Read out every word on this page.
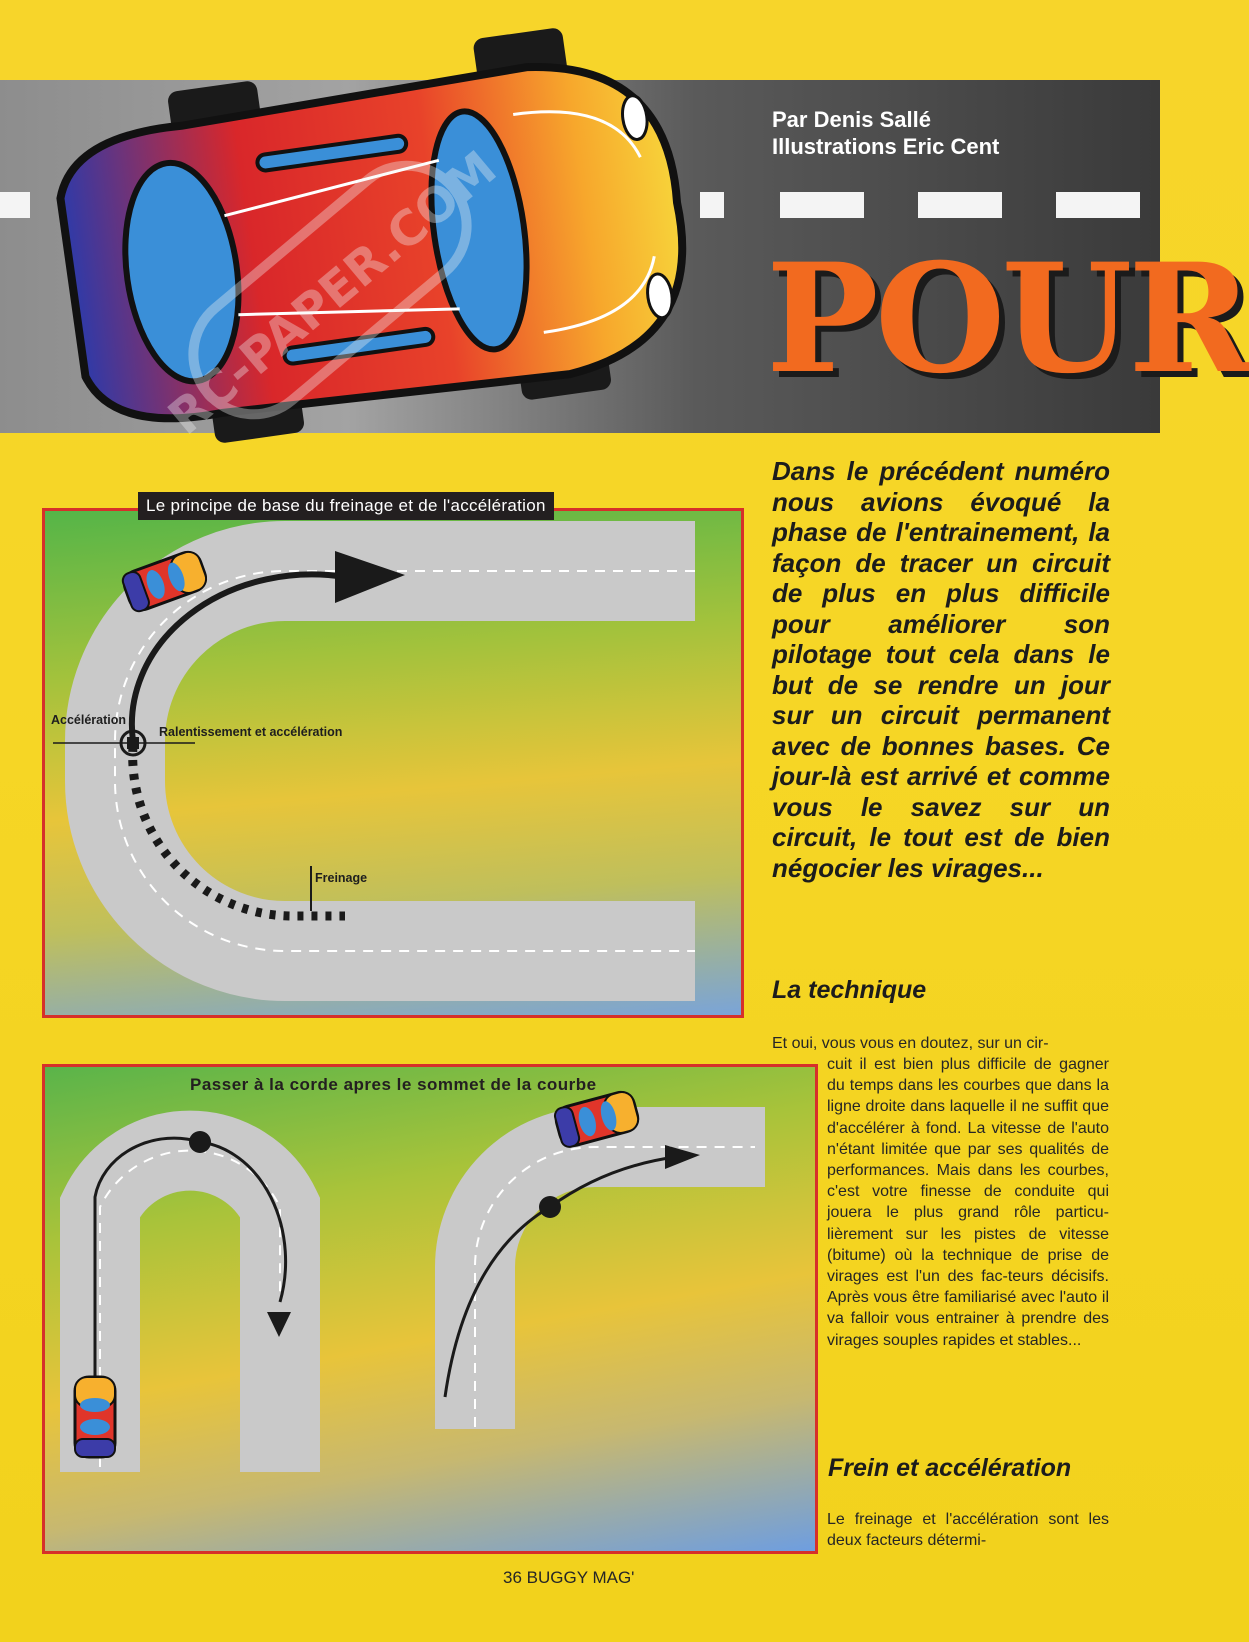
RC-PAPER.COM
Par Denis Sallé
Illustrations Eric Cent
POUR
Accélération
Ralentissement et accélération
Freinage
Le principe de base du freinage et de l'accélération
Passer à la corde apres le sommet de la courbe
Dans le précédent numéro nous avions évoqué la phase de l'entrainement, la façon de tracer un circuit de plus en plus difficile pour améliorer son pilotage tout cela dans le but de se rendre un jour sur un circuit permanent avec de bonnes bases. Ce jour-là est arrivé et comme vous le savez sur un circuit, le tout est de bien négocier les virages...
La technique
Et oui, vous vous en doutez, sur un cir-
cuit il est bien plus difficile de gagner du temps dans les courbes que dans la ligne droite dans laquelle il ne suffit que d'accélérer à fond. La vitesse de l'auto n'étant limitée que par ses qualités de performances. Mais dans les courbes, c'est votre finesse de conduite qui jouera le plus grand rôle particu-lièrement sur les pistes de vitesse (bitume) où la technique de prise de virages est l'un des fac-teurs décisifs. Après vous être familiarisé avec l'auto il va falloir vous entrainer à prendre des virages souples rapides et stables...
Frein et accélération
Le freinage et l'accélération sont les deux facteurs détermi-
36 BUGGY MAG'
